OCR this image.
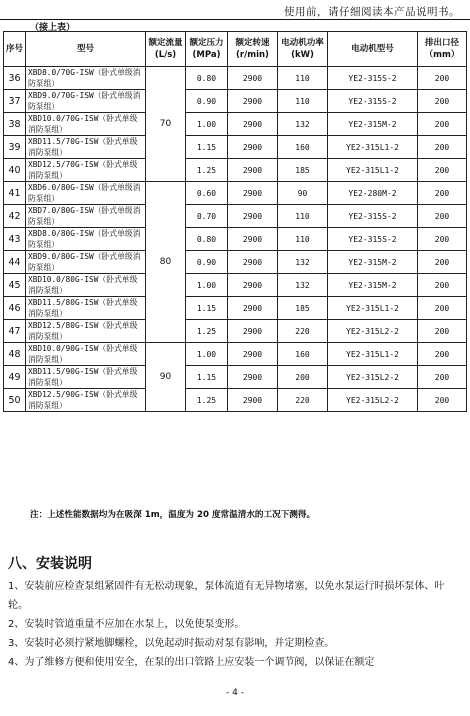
使用前，请仔细阅读本产品说明书。
（接上表）
序号	型号	额定流量(L/s)	额定压力(MPa)	额定转速(r/min)	电动机功率(kW)	电动机型号	排出口径（mm）
36	XBD8.0/70G-ISW（卧式单级消防泵组）	70	0.80	2900	110	YE2-315S-2	200
37	XBD9.0/70G-ISW（卧式单级消防泵组）		0.90	2900	110	YE2-315S-2	200
38	XBD10.0/70G-ISW（卧式单级消防泵组）		1.00	2900	132	YE2-315M-2	200
39	XBD11.5/70G-ISW（卧式单级消防泵组）		1.15	2900	160	YE2-315L1-2	200
40	XBD12.5/70G-ISW（卧式单级消防泵组）		1.25	2900	185	YE2-315L1-2	200
41	XBD6.0/80G-ISW（卧式单级消防泵组）	80	0.60	2900	90	YE2-280M-2	200
42	XBD7.0/80G-ISW（卧式单级消防泵组）		0.70	2900	110	YE2-315S-2	200
43	XBD8.0/80G-ISW（卧式单级消防泵组）		0.80	2900	110	YE2-315S-2	200
44	XBD9.0/80G-ISW（卧式单级消防泵组）		0.90	2900	132	YE2-315M-2	200
45	XBD10.0/80G-ISW（卧式单级消防泵组）		1.00	2900	132	YE2-315M-2	200
46	XBD11.5/80G-ISW（卧式单级消防泵组）		1.15	2900	185	YE2-315L1-2	200
47	XBD12.5/80G-ISW（卧式单级消防泵组）		1.25	2900	220	YE2-315L2-2	200
48	XBD10.0/90G-ISW（卧式单级消防泵组）	90	1.00	2900	160	YE2-315L1-2	200
49	XBD11.5/90G-ISW（卧式单级消防泵组）		1.15	2900	200	YE2-315L2-2	200
50	XBD12.5/90G-ISW（卧式单级消防泵组）		1.25	2900	220	YE2-315L2-2	200
注：上述性能数据均为在吸深 1m，温度为 20 度常温清水的工况下测得。
八、安装说明
1、安装前应检查泵组紧固件有无松动现象，泵体流道有无异物堵塞，以免水泵运行时损坏泵体、叶轮。
2、安装时管道重量不应加在水泵上，以免使泵变形。
3、安装时必须拧紧地脚螺栓，以免起动时振动对泵有影响，并定期检查。
4、为了维修方便和使用安全，在泵的出口管路上应安装一个调节阀，以保证在额定
- 4 -
